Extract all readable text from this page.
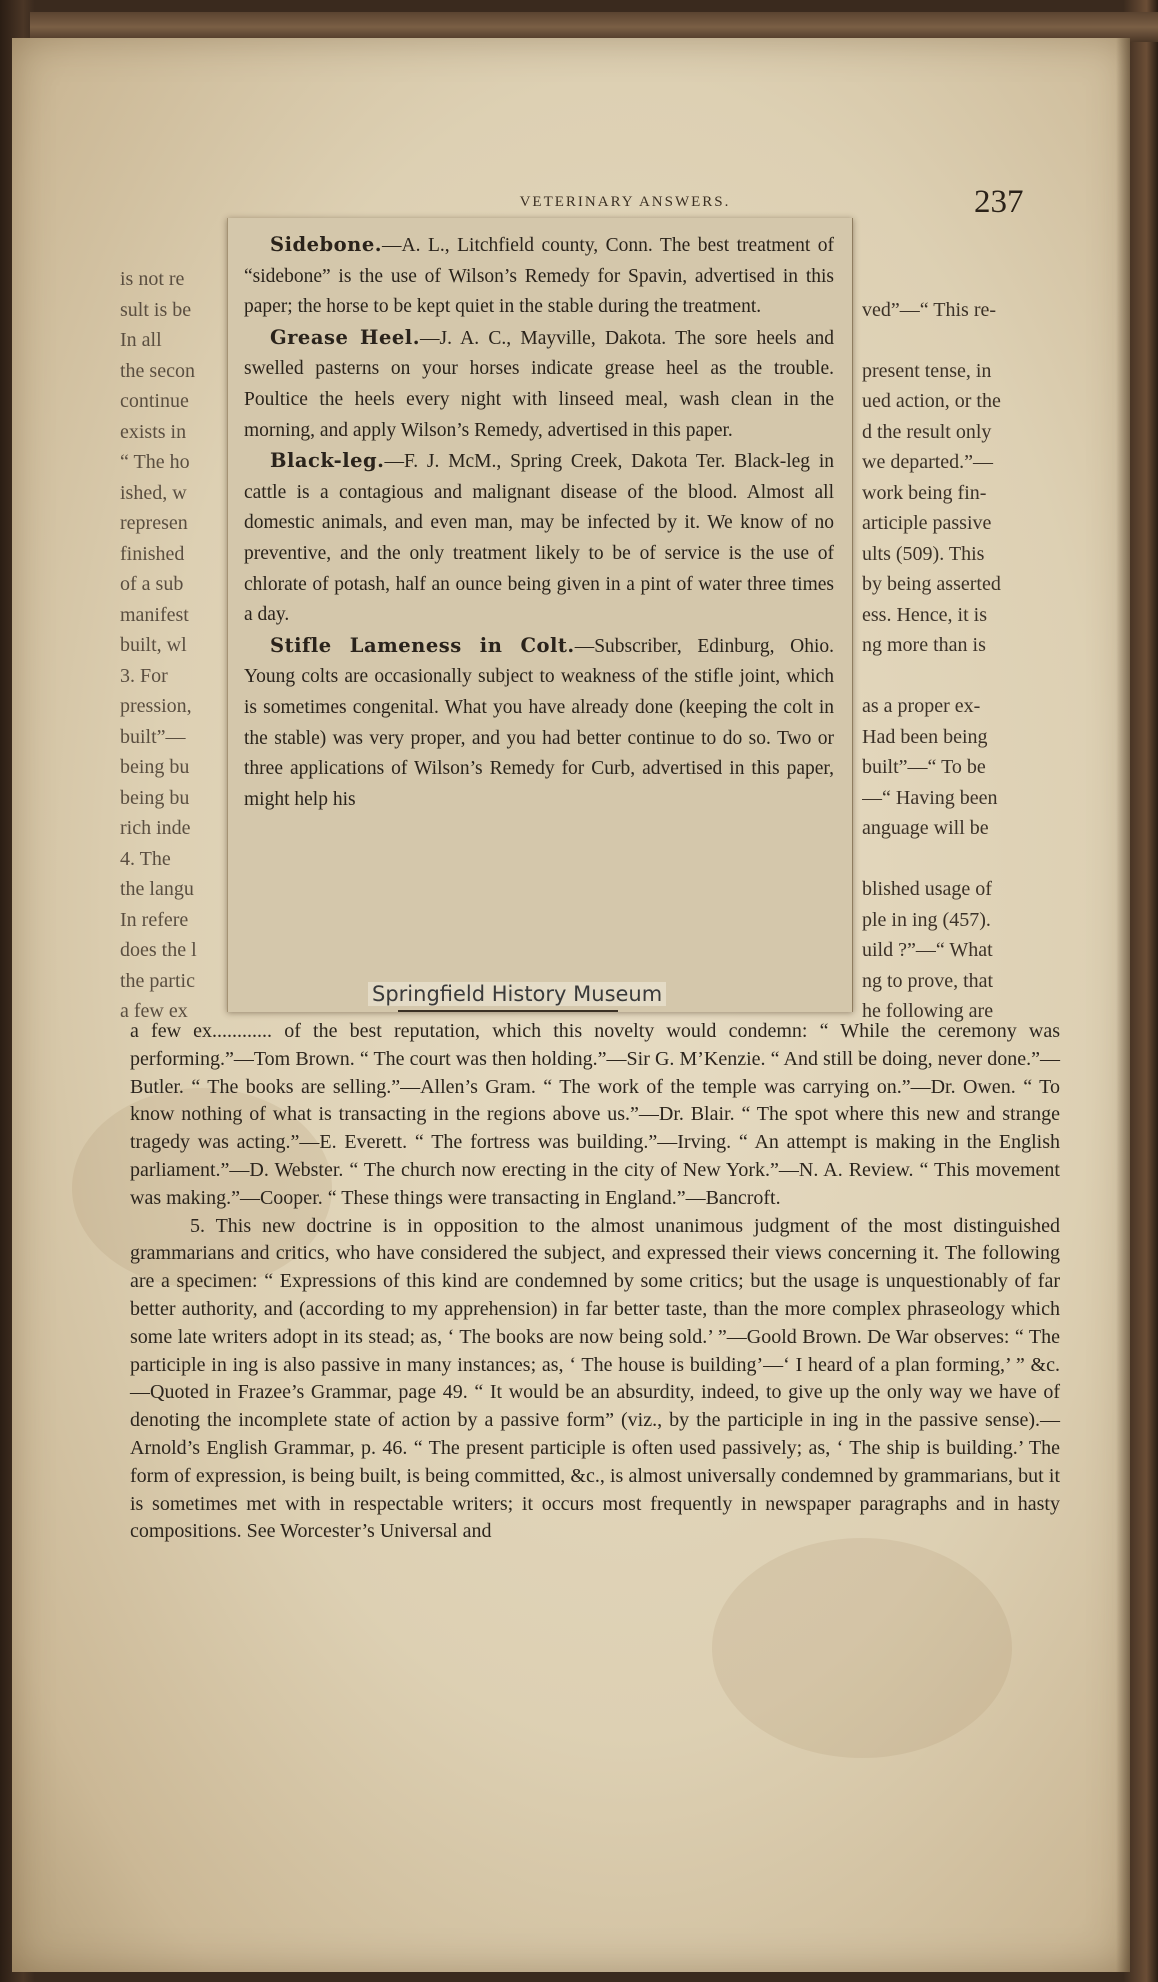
VETERINARY ANSWERS.	237
is not re
sult is be
In all
the secon
continue
exists in
“ The ho
ished, w
represen
finished
of a sub
manifest
built, wl
3. For
pression,
built”—
being bu
being bu
rich inde
4. The
the langu
In refere
does the l
the partic
a few ex
ved”—“ This re-
present tense, in
ued action, or the
d the result only
we departed.”—
work being fin-
articiple passive
ults (509). This
by being asserted
ess. Hence, it is
ng more than is
as a proper ex-
Had been being
built”—“ To be
—“ Having been
anguage will be
blished usage of
ple in ing (457).
uild ?”—“ What
ng to prove, that
he following are

Sidebone.—A. L., Litchfield county, Conn. The best treatment of “sidebone” is the use of Wilson’s Remedy for Spavin, advertised in this paper; the horse to be kept quiet in the stable during the treatment.

Grease Heel.—J. A. C., Mayville, Dakota. The sore heels and swelled pasterns on your horses indicate grease heel as the trouble. Poultice the heels every night with linseed meal, wash clean in the morning, and apply Wilson’s Remedy, advertised in this paper.

Black-leg.—F. J. McM., Spring Creek, Dakota Ter. Black-leg in cattle is a contagious and malignant disease of the blood. Almost all domestic animals, and even man, may be infected by it. We know of no preventive, and the only treatment likely to be of service is the use of chlorate of potash, half an ounce being given in a pint of water three times a day.

Stifle Lameness in Colt.—Subscriber, Edinburg, Ohio. Young colts are occasionally subject to weakness of the stifle joint, which is sometimes congenital. What you have already done (keeping the colt in the stable) was very proper, and you had better continue to do so. Two or three applications of Wilson’s Remedy for Curb, advertised in this paper, might help his

Springfield History Museum

a few ex............ of the best reputation, which this novelty would condemn: “ While the ceremony was performing.”—Tom Brown. “ The court was then holding.”—Sir G. M’Kenzie. “ And still be doing, never done.”—Butler. “ The books are selling.”—Allen’s Gram. “ The work of the temple was carrying on.”—Dr. Owen. “ To know nothing of what is transacting in the regions above us.”—Dr. Blair. “ The spot where this new and strange tragedy was acting.”—E. Everett. “ The fortress was building.”—Irving. “ An attempt is making in the English parliament.”—D. Webster. “ The church now erecting in the city of New York.”—N. A. Review. “ This movement was making.”—Cooper. “ These things were transacting in England.”—Bancroft.

5. This new doctrine is in opposition to the almost unanimous judgment of the most distinguished grammarians and critics, who have considered the subject, and expressed their views concerning it. The following are a specimen: “ Expressions of this kind are condemned by some critics; but the usage is unquestionably of far better authority, and (according to my apprehension) in far better taste, than the more complex phraseology which some late writers adopt in its stead; as, ‘ The books are now being sold.’ ”—Goold Brown. De War observes: “ The participle in ing is also passive in many instances; as, ‘ The house is building’—‘ I heard of a plan forming,’ ” &c.—Quoted in Frazee’s Grammar, page 49. “ It would be an absurdity, indeed, to give up the only way we have of denoting the incomplete state of action by a passive form” (viz., by the participle in ing in the passive sense).—Arnold’s English Grammar, p. 46. “ The present participle is often used passively; as, ‘ The ship is building.’ The form of expression, is being built, is being committed, &c., is almost universally condemned by grammarians, but it is sometimes met with in respectable writers; it occurs most frequently in newspaper paragraphs and in hasty compositions. See Worcester’s Universal and
